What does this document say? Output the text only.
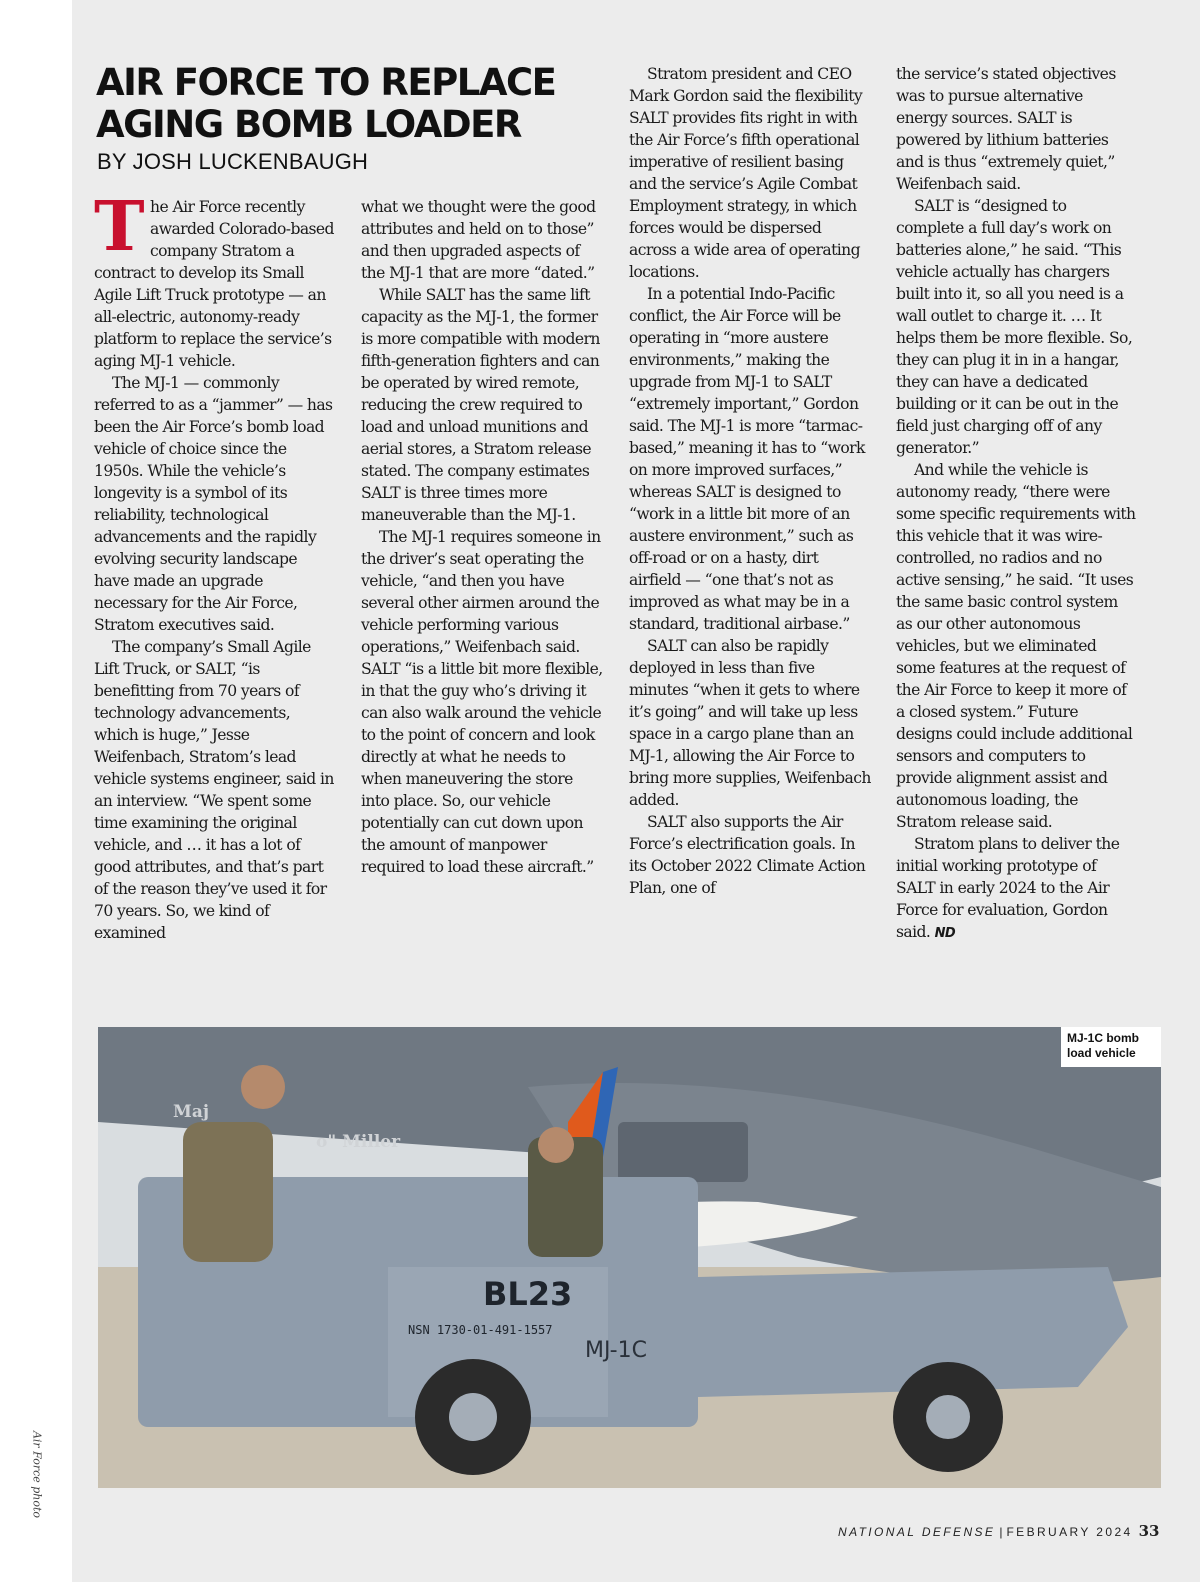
Air Force photo
AIR FORCE TO REPLACE AGING BOMB LOADER
BY JOSH LUCKENBAUGH

The Air Force recently awarded Colorado-based company Stratom a contract to develop its Small Agile Lift Truck prototype — an all-electric, autonomy-ready platform to replace the service’s aging MJ-1 vehicle.

The MJ-1 — commonly referred to as a “jammer” — has been the Air Force’s bomb load vehicle of choice since the 1950s. While the vehicle’s longevity is a symbol of its reliability, technological advancements and the rapidly evolving security landscape have made an upgrade necessary for the Air Force, Stratom executives said.

The company’s Small Agile Lift Truck, or SALT, “is benefitting from 70 years of technology advancements, which is huge,” Jesse Weifenbach, Stratom’s lead vehicle systems engineer, said in an interview. “We spent some time examining the original vehicle, and … it has a lot of good attributes, and that’s part of the reason they’ve used it for 70 years. So, we kind of examined

what we thought were the good attributes and held on to those” and then upgraded aspects of the MJ-1 that are more “dated.”

While SALT has the same lift capacity as the MJ-1, the former is more compatible with modern fifth-generation fighters and can be operated by wired remote, reducing the crew required to load and unload munitions and aerial stores, a Stratom release stated. The company estimates SALT is three times more maneuverable than the MJ-1.

The MJ-1 requires someone in the driver’s seat operating the vehicle, “and then you have several other airmen around the vehicle performing various operations,” Weifenbach said. SALT “is a little bit more flexible, in that the guy who’s driving it can also walk around the vehicle to the point of concern and look directly at what he needs to when maneuvering the store into place. So, our vehicle potentially can cut down upon the amount of manpower required to load these aircraft.”

Stratom president and CEO Mark Gordon said the flexibility SALT provides fits right in with the Air Force’s fifth operational imperative of resilient basing and the service’s Agile Combat Employment strategy, in which forces would be dispersed across a wide area of operating locations.

In a potential Indo-Pacific conflict, the Air Force will be operating in “more austere environments,” making the upgrade from MJ-1 to SALT “extremely important,” Gordon said. The MJ-1 is more “tarmac-based,” meaning it has to “work on more improved surfaces,” whereas SALT is designed to “work in a little bit more of an austere environment,” such as off-road or on a hasty, dirt airfield — “one that’s not as improved as what may be in a standard, traditional airbase.”

SALT can also be rapidly deployed in less than five minutes “when it gets to where it’s going” and will take up less space in a cargo plane than an MJ-1, allowing the Air Force to bring more supplies, Weifenbach added.

SALT also supports the Air Force’s electrification goals. In its October 2022 Climate Action Plan, one of

the service’s stated objectives was to pursue alternative energy sources. SALT is powered by lithium batteries and is thus “extremely quiet,” Weifenbach said.

SALT is “designed to complete a full day’s work on batteries alone,” he said. “This vehicle actually has chargers built into it, so all you need is a wall outlet to charge it. … It helps them be more flexible. So, they can plug it in in a hangar, they can have a dedicated building or it can be out in the field just charging off of any generator.”

And while the vehicle is autonomy ready, “there were some specific requirements with this vehicle that it was wire-controlled, no radios and no active sensing,” he said. “It uses the same basic control system as our other autonomous vehicles, but we eliminated some features at the request of the Air Force to keep it more of a closed system.” Future designs could include additional sensors and computers to provide alignment assist and autonomous loading, the Stratom release said.

Stratom plans to deliver the initial working prototype of SALT in early 2024 to the Air Force for evaluation, Gordon said. ND

Maj
o" Miller
BL23
NSN 1730-01-491-1557
MJ-1C
MJ-1C bomb load vehicle
NATIONAL DEFENSE | FEBRUARY 2024 33
